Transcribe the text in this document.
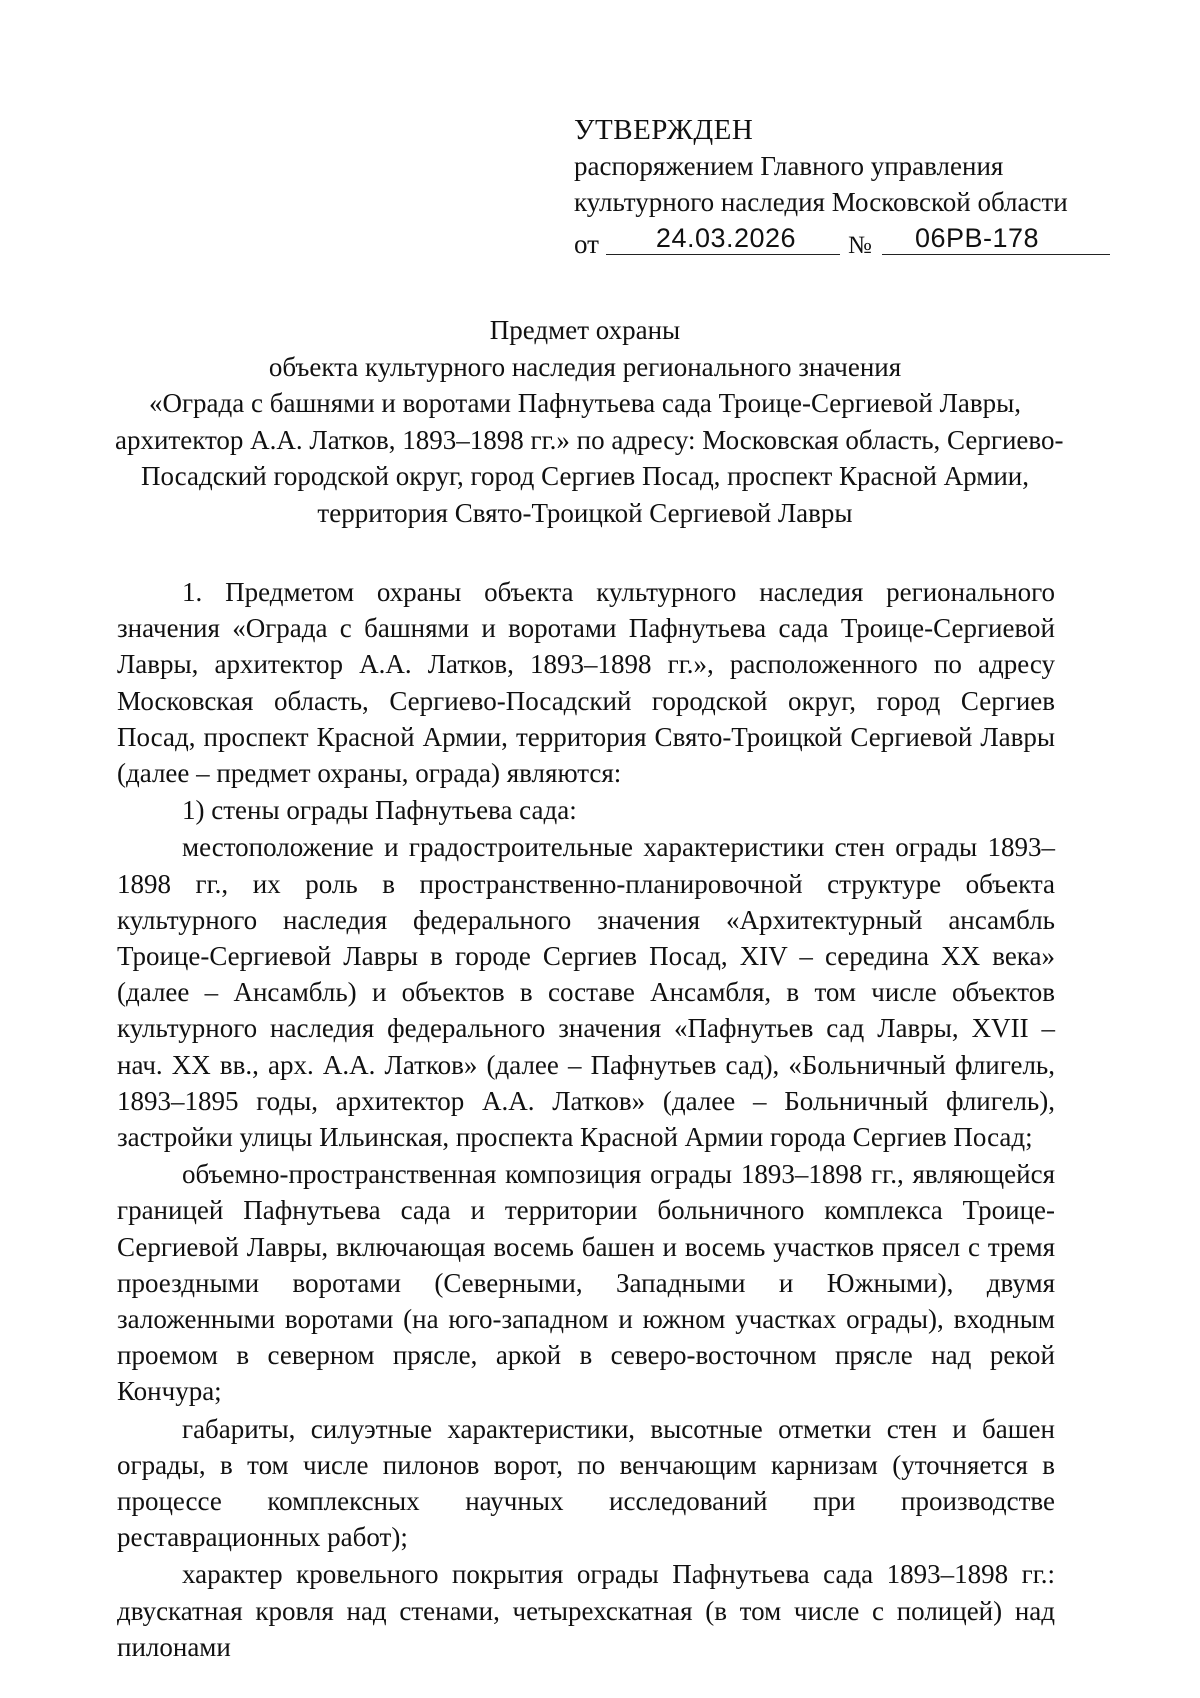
УТВЕРЖДЕН
распоряжением Главного управления
культурного наследия Московской области
от	24.03.2026	№	06РВ-178
Предмет охраны
объекта культурного наследия регионального значения
«Ограда с башнями и воротами Пафнутьева сада Троице-Сергиевой Лавры,
архитектор А.А. Латков, 1893–1898 гг.» по адресу: Московская область, Сергиево-
Посадский городской округ, город Сергиев Посад, проспект Красной Армии,
территория Свято-Троицкой Сергиевой Лавры

1. Предметом охраны объекта культурного наследия регионального значения «Ограда с башнями и воротами Пафнутьева сада Троице-Сергиевой Лавры, архитектор А.А. Латков, 1893–1898 гг.», расположенного по адресу Московская область, Сергиево-Посадский городской округ, город Сергиев Посад, проспект Красной Армии, территория Свято-Троицкой Сергиевой Лавры (далее – предмет охраны, ограда) являются:

1) стены ограды Пафнутьева сада:

местоположение и градостроительные характеристики стен ограды 1893–1898 гг., их роль в пространственно-планировочной структуре объекта культурного наследия федерального значения «Архитектурный ансамбль Троице-Сергиевой Лавры в городе Сергиев Посад, XIV – середина XX века» (далее – Ансамбль) и объектов в составе Ансамбля, в том числе объектов культурного наследия федерального значения «Пафнутьев сад Лавры, XVII – нач. XX вв., арх. А.А. Латков» (далее – Пафнутьев сад), «Больничный флигель, 1893–1895 годы, архитектор А.А. Латков» (далее – Больничный флигель), застройки улицы Ильинская, проспекта Красной Армии города Сергиев Посад;

объемно-пространственная композиция ограды 1893–1898 гг., являющейся границей Пафнутьева сада и территории больничного комплекса Троице-Сергиевой Лавры, включающая восемь башен и восемь участков прясел с тремя проездными воротами (Северными, Западными и Южными), двумя заложенными воротами (на юго-западном и южном участках ограды), входным проемом в северном прясле, аркой в северо-восточном прясле над рекой Кончура;

габариты, силуэтные характеристики, высотные отметки стен и башен ограды, в том числе пилонов ворот, по венчающим карнизам (уточняется в процессе комплексных научных исследований при производстве реставрационных работ);

характер кровельного покрытия ограды Пафнутьева сада 1893–1898 гг.: двускатная кровля над стенами, четырехскатная (в том числе с полицей) над пилонами
